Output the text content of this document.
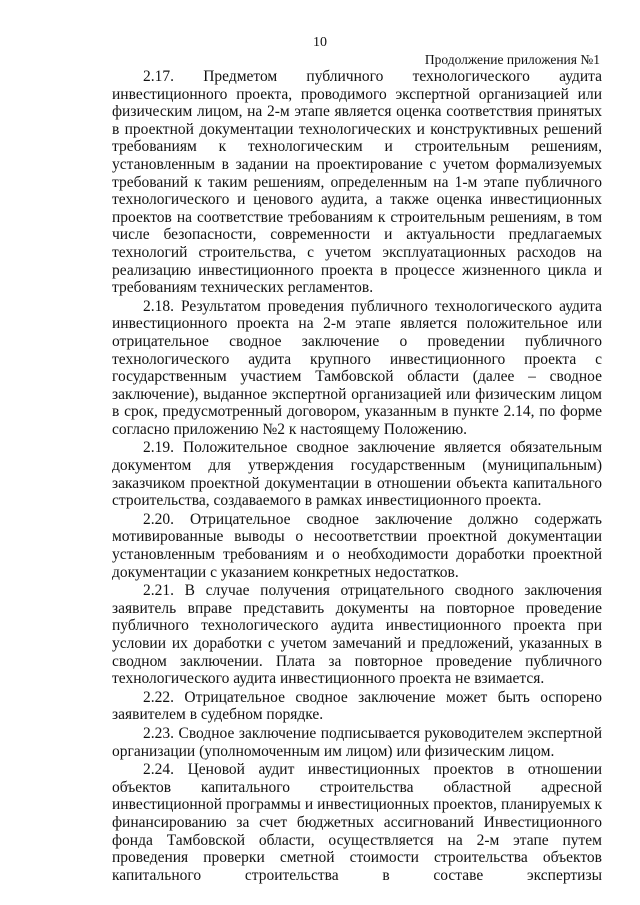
10
Продолжение приложения №1

2.17. Предметом публичного технологического аудита инвестиционного проекта, проводимого экспертной организацией или физическим лицом, на 2-м этапе является оценка соответствия принятых в проектной документации технологических и конструктивных решений требованиям к технологическим и строительным решениям, установленным в задании на проектирование с учетом формализуемых требований к таким решениям, определенным на 1-м этапе публичного технологического и ценового аудита, а также оценка инвестиционных проектов на соответствие требованиям к строительным решениям, в том числе безопасности, современности и актуальности предлагаемых технологий строительства, с учетом эксплуатационных расходов на реализацию инвестиционного проекта в процессе жизненного цикла и требованиям технических регламентов.

2.18. Результатом проведения публичного технологического аудита инвестиционного проекта на 2-м этапе является положительное или отрицательное сводное заключение о проведении публичного технологического аудита крупного инвестиционного проекта с государственным участием Тамбовской области (далее – сводное заключение), выданное экспертной организацией или физическим лицом в срок, предусмотренный договором, указанным в пункте 2.14, по форме согласно приложению №2 к настоящему Положению.

2.19. Положительное сводное заключение является обязательным документом для утверждения государственным (муниципальным) заказчиком проектной документации в отношении объекта капитального строительства, создаваемого в рамках инвестиционного проекта.

2.20. Отрицательное сводное заключение должно содержать мотивированные выводы о несоответствии проектной документации установленным требованиям и о необходимости доработки проектной документации с указанием конкретных недостатков.

2.21. В случае получения отрицательного сводного заключения заявитель вправе представить документы на повторное проведение публичного технологического аудита инвестиционного проекта при условии их доработки с учетом замечаний и предложений, указанных в сводном заключении. Плата за повторное проведение публичного технологического аудита инвестиционного проекта не взимается.

2.22. Отрицательное сводное заключение может быть оспорено заявителем в судебном порядке.

2.23. Сводное заключение подписывается руководителем экспертной организации (уполномоченным им лицом) или физическим лицом.

2.24. Ценовой аудит инвестиционных проектов в отношении объектов капитального строительства областной адресной инвестиционной программы и инвестиционных проектов, планируемых к финансированию за счет бюджетных ассигнований Инвестиционного фонда Тамбовской области, осуществляется на 2-м этапе путем проведения проверки сметной стоимости строительства объектов капитального строительства в составе экспертизы
